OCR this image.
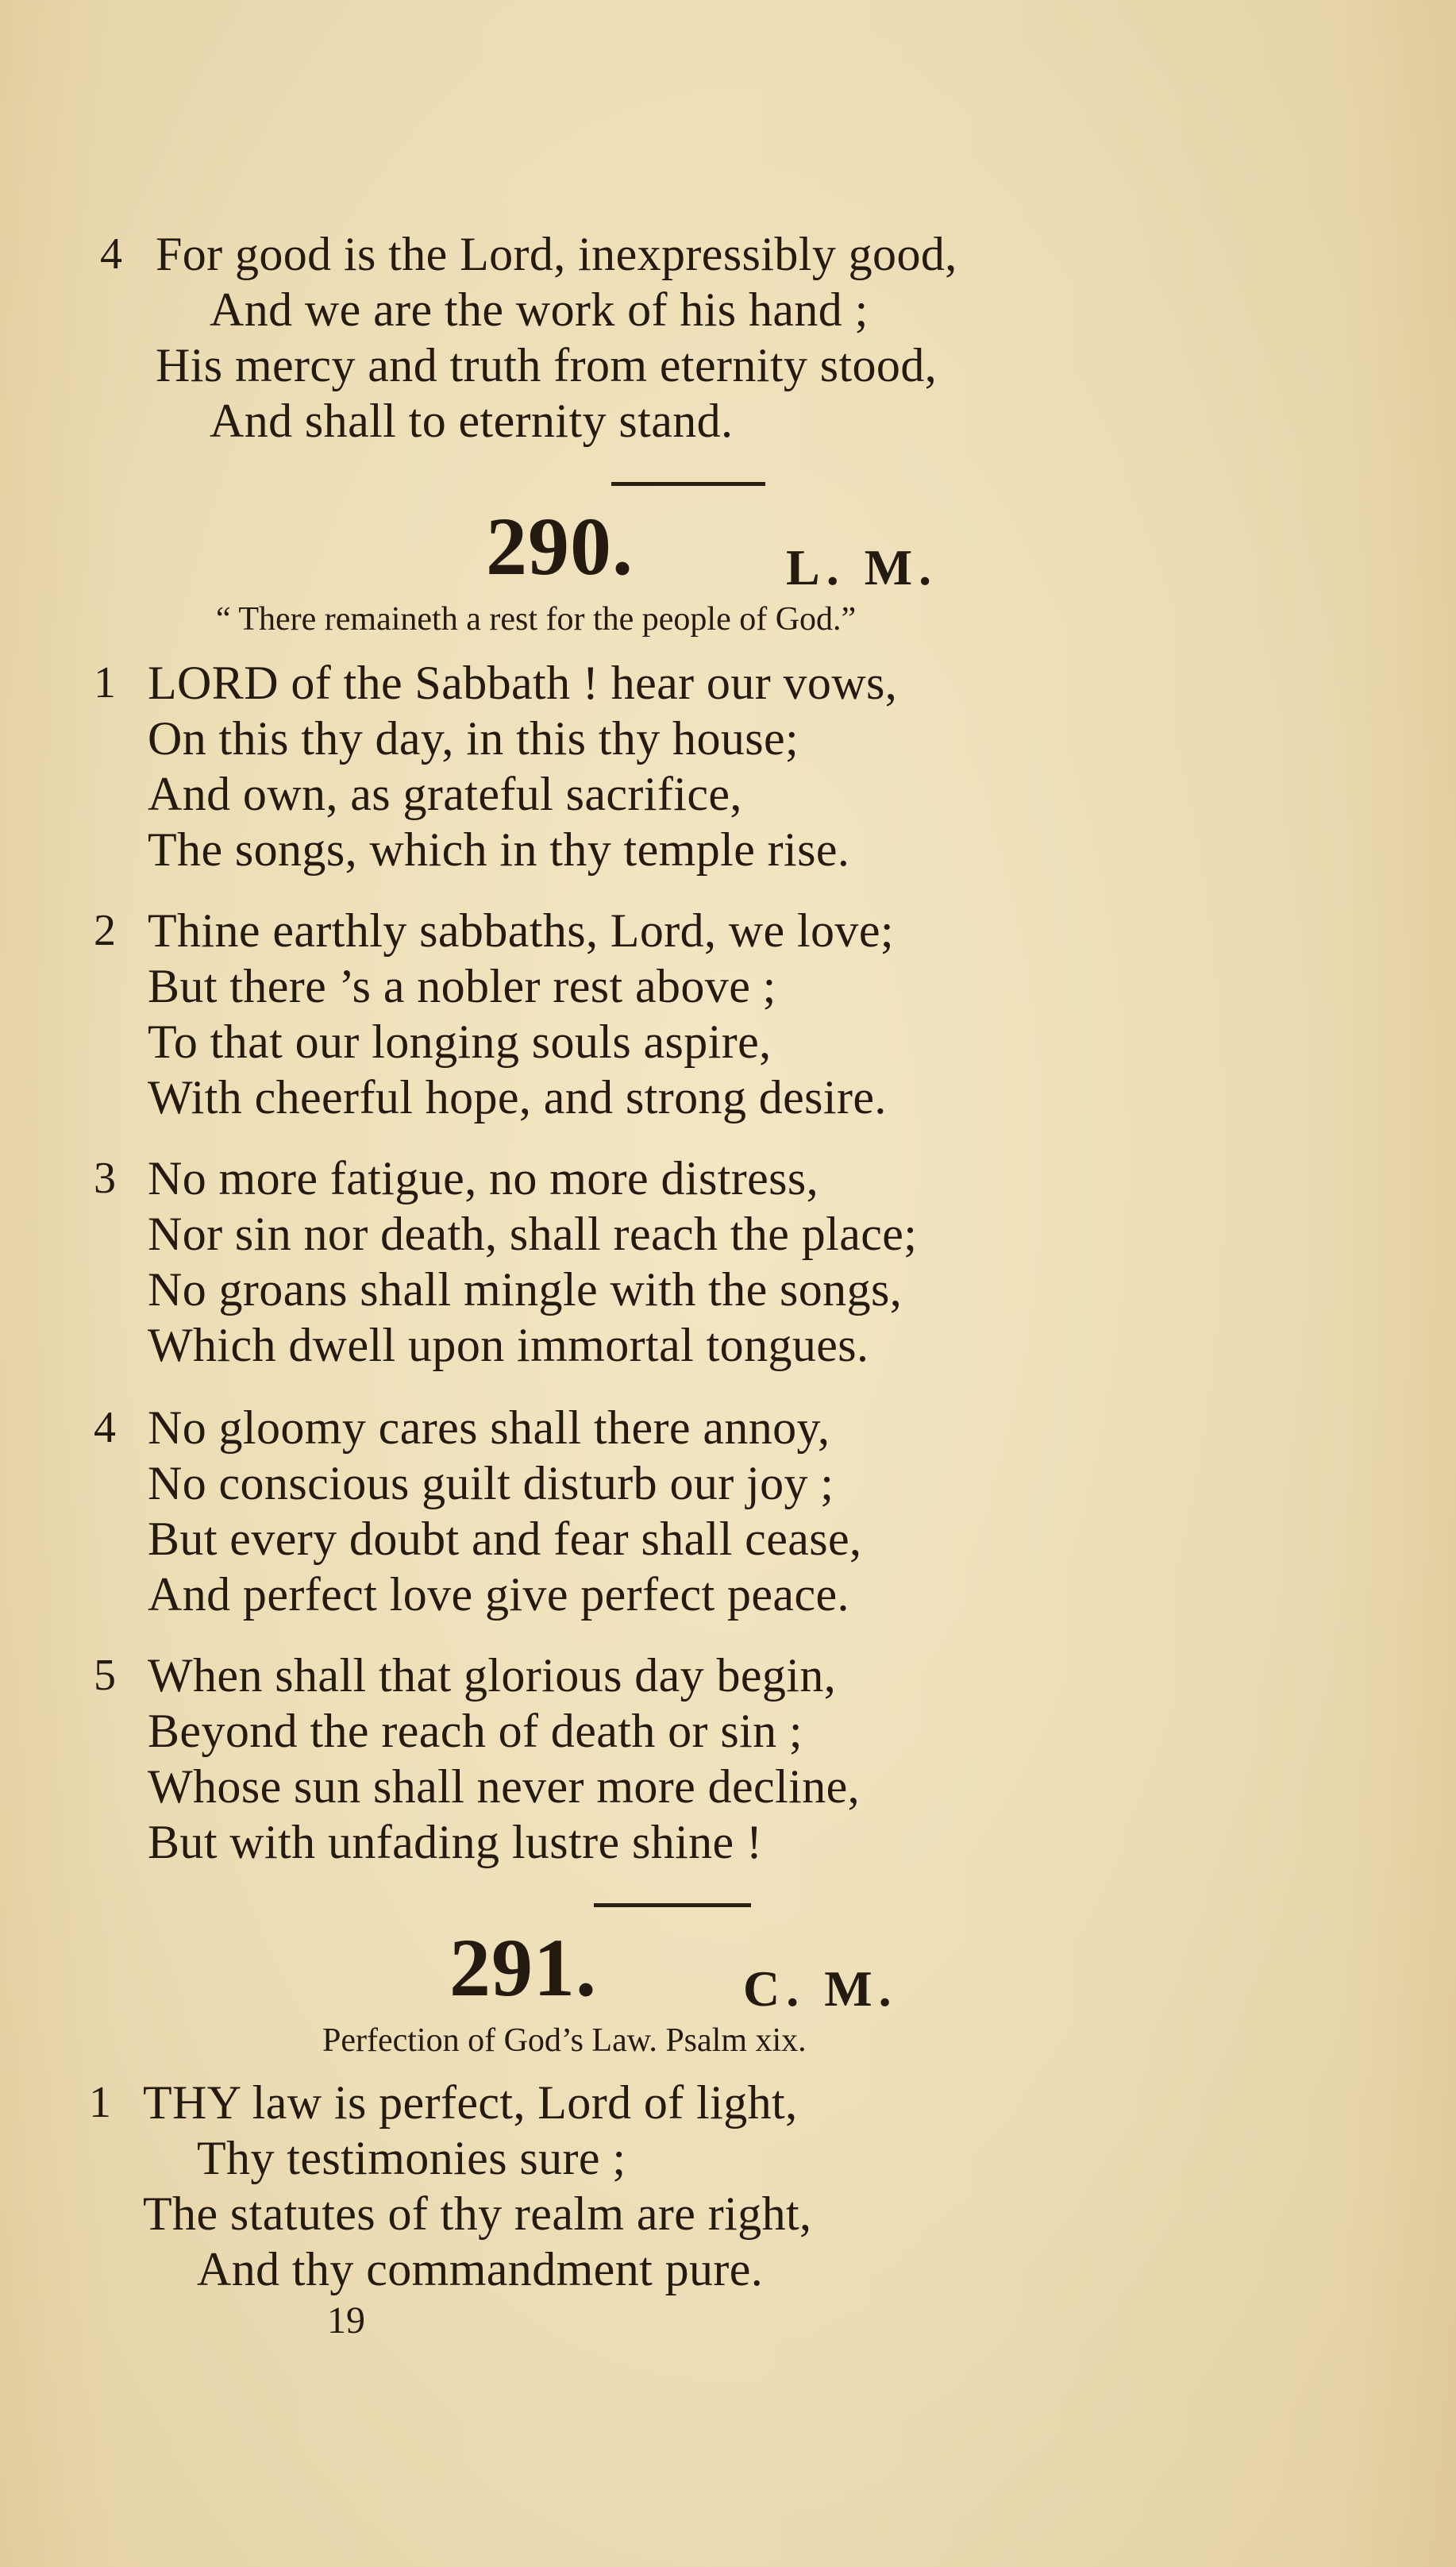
4 For good is the Lord, inexpressibly good,
And we are the work of his hand ;
His mercy and truth from eternity stood,
And shall to eternity stand.
290.	L. M.
“ There remaineth a rest for the people of God.”
1 LORD of the Sabbath ! hear our vows,
On this thy day, in this thy house;
And own, as grateful sacrifice,
The songs, which in thy temple rise.
2 Thine earthly sabbaths, Lord, we love;
But there ’s a nobler rest above ;
To that our longing souls aspire,
With cheerful hope, and strong desire.
3 No more fatigue, no more distress,
Nor sin nor death, shall reach the place;
No groans shall mingle with the songs,
Which dwell upon immortal tongues.
4 No gloomy cares shall there annoy,
No conscious guilt disturb our joy ;
But every doubt and fear shall cease,
And perfect love give perfect peace.
5 When shall that glorious day begin,
Beyond the reach of death or sin ;
Whose sun shall never more decline,
But with unfading lustre shine !
291.	C. M.
Perfection of God’s Law. Psalm xix.
1 THY law is perfect, Lord of light,
Thy testimonies sure ;
The statutes of thy realm are right,
And thy commandment pure.
19
